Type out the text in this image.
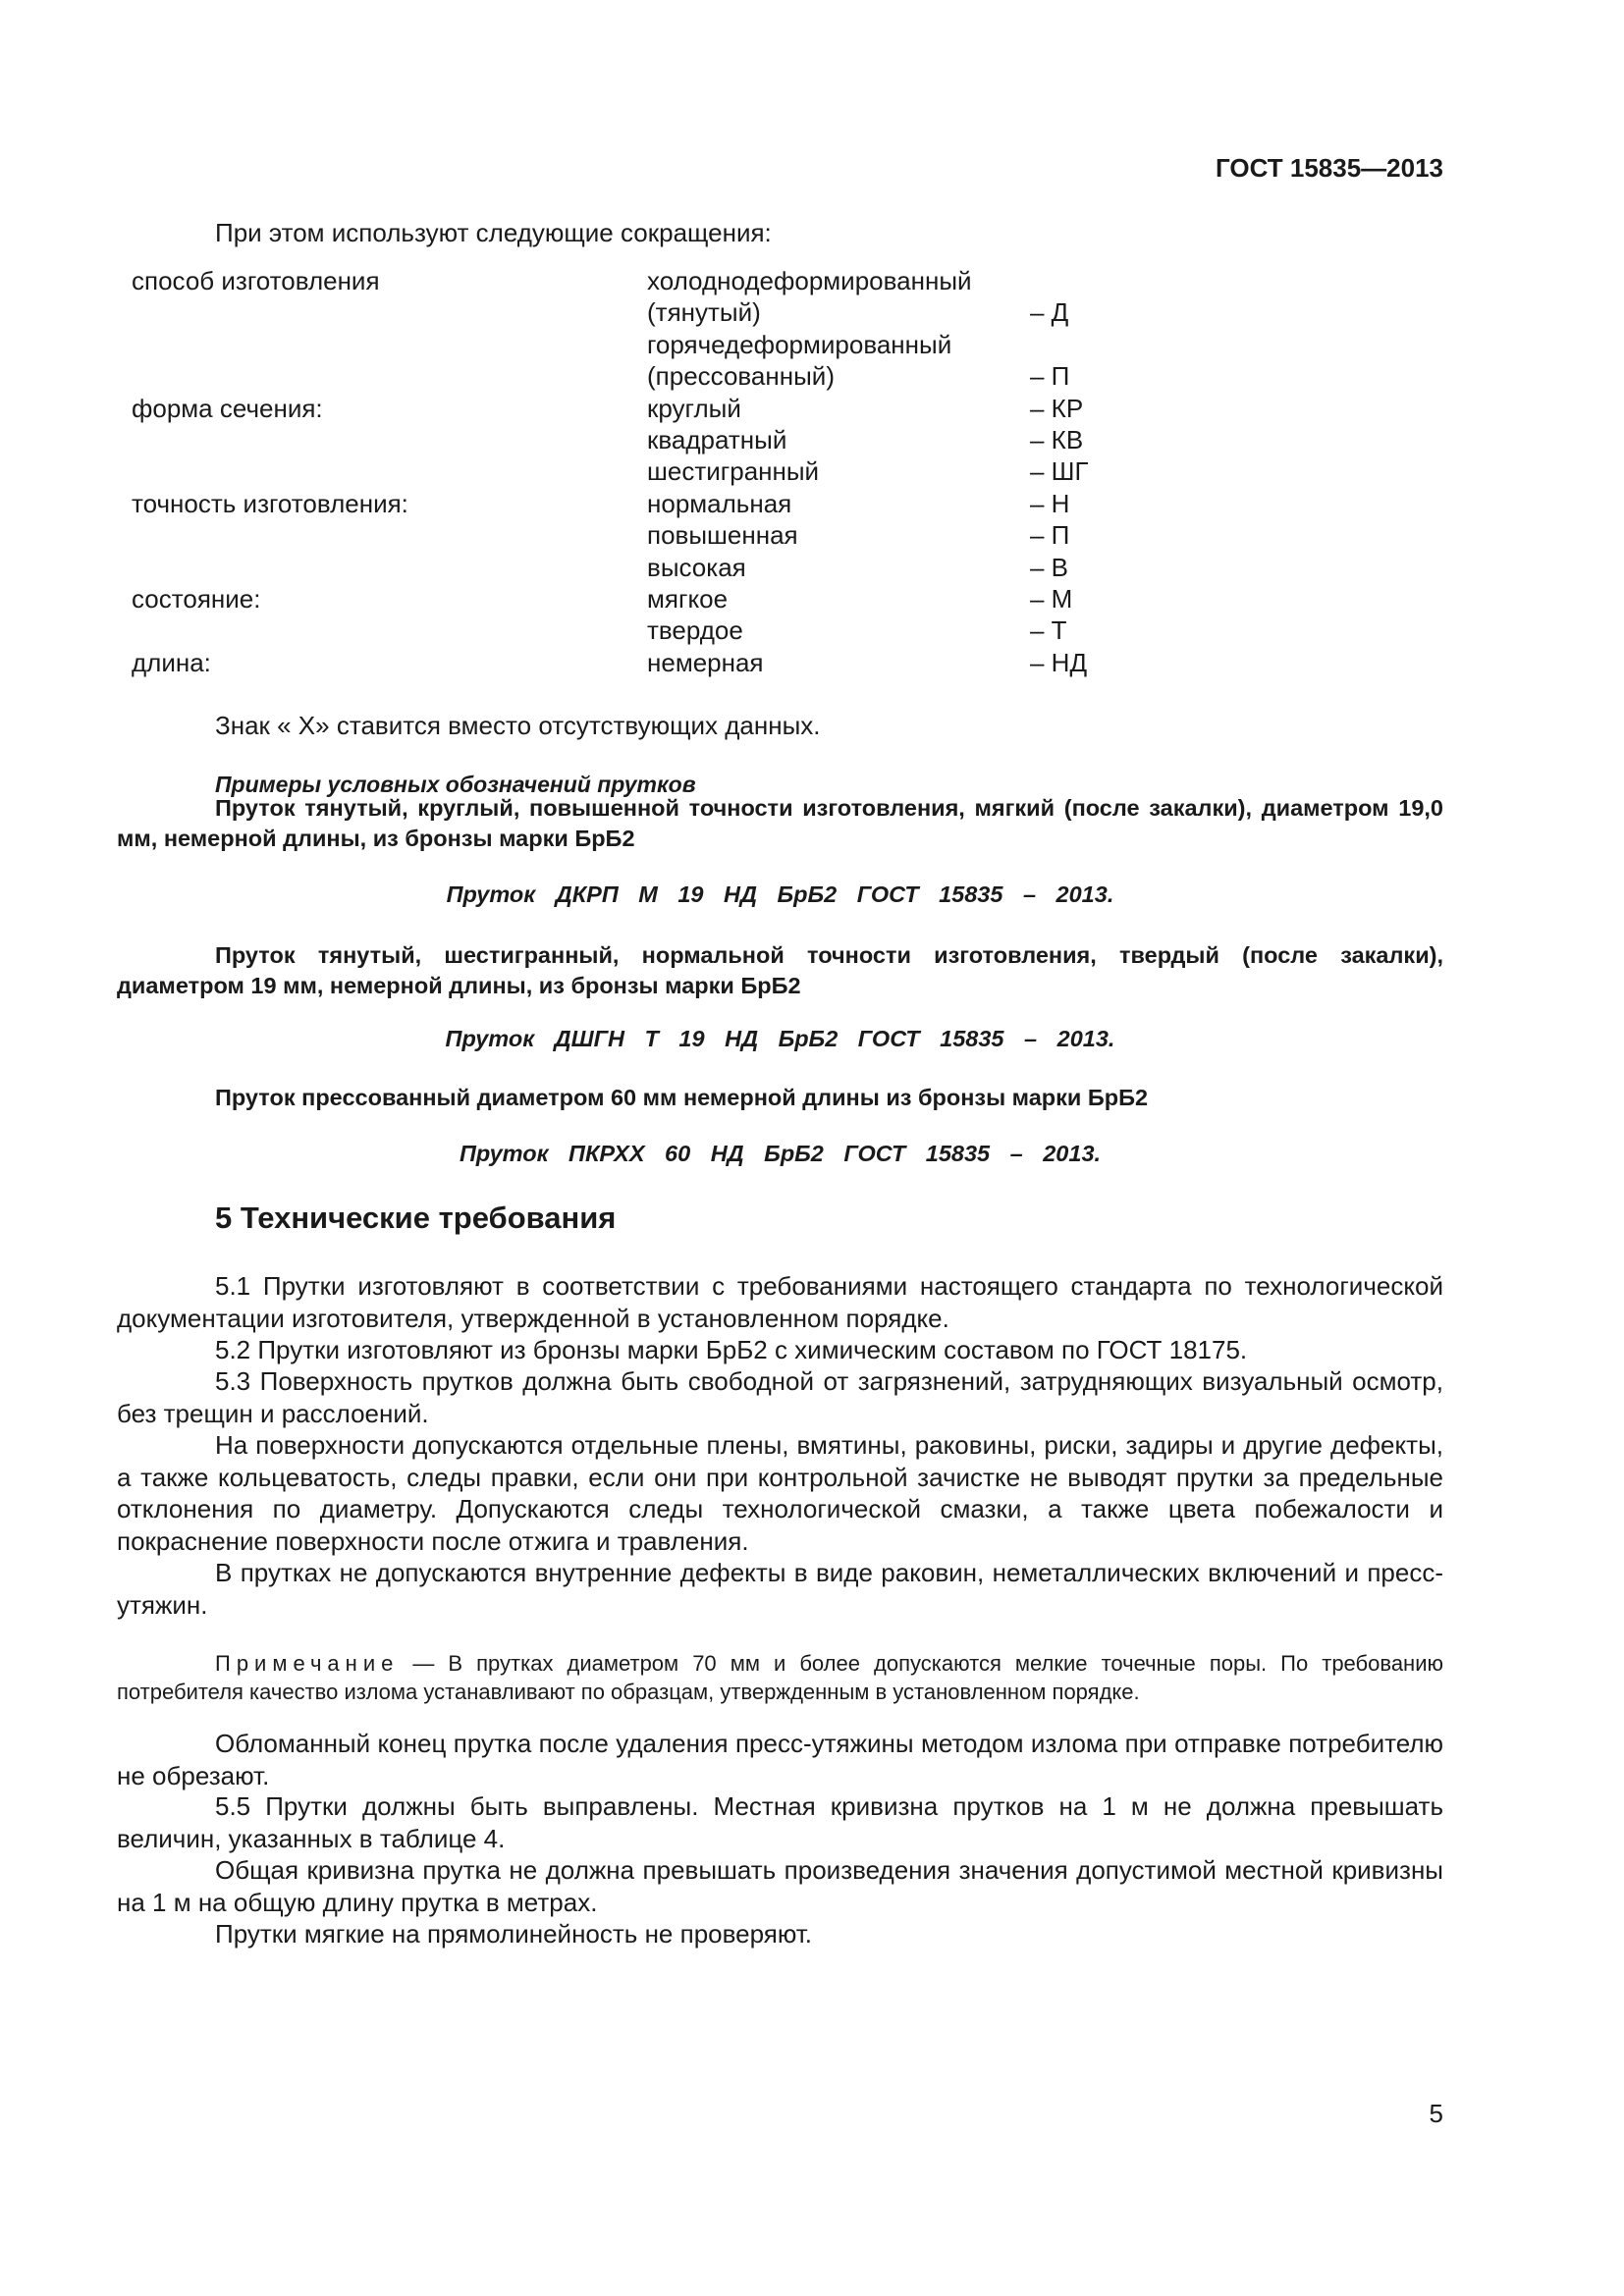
ГОСТ 15835—2013
При этом используют следующие сокращения:
способ изготовления	холоднодеформированный
(тянутый)	– Д
горячедеформированный
(прессованный)	– П
форма сечения:	круглый	– КР
квадратный	– КВ
шестигранный	– ШГ
точность изготовления:	нормальная	– Н
повышенная	– П
высокая	– В
состояние:	мягкое	– М
твердое	– Т
длина:	немерная	– НД
Знак « Х» ставится вместо отсутствующих данных.
Примеры условных обозначений прутков
Пруток тянутый, круглый, повышенной точности изготовления, мягкий (после закалки), диаметром 19,0 мм, немерной длины, из бронзы марки БрБ2
Пруток ДКРП М 19 НД БрБ2 ГОСТ 15835 – 2013.
Пруток тянутый, шестигранный, нормальной точности изготовления, твердый (после закалки), диаметром 19 мм, немерной длины, из бронзы марки БрБ2
Пруток ДШГН Т 19 НД БрБ2 ГОСТ 15835 – 2013.
Пруток прессованный диаметром 60 мм немерной длины из бронзы марки БрБ2
Пруток ПКРХХ 60 НД БрБ2 ГОСТ 15835 – 2013.
5 Технические требования
5.1 Прутки изготовляют в соответствии с требованиями настоящего стандарта по технологической документации изготовителя, утвержденной в установленном порядке.
5.2 Прутки изготовляют из бронзы марки БрБ2 с химическим составом по ГОСТ 18175.
5.3 Поверхность прутков должна быть свободной от загрязнений, затрудняющих визуальный осмотр, без трещин и расслоений.
На поверхности допускаются отдельные плены, вмятины, раковины, риски, задиры и другие дефекты, а также кольцеватость, следы правки, если они при контрольной зачистке не выводят прутки за предельные отклонения по диаметру. Допускаются следы технологической смазки, а также цвета побежалости и покраснение поверхности после отжига и травления.
В прутках не допускаются внутренние дефекты в виде раковин, неметаллических включений и пресс-утяжин.
Примечание — В прутках диаметром 70 мм и более допускаются мелкие точечные поры. По требованию потребителя качество излома устанавливают по образцам, утвержденным в установленном порядке.
Обломанный конец прутка после удаления пресс-утяжины методом излома при отправке потребителю не обрезают.
5.5 Прутки должны быть выправлены. Местная кривизна прутков на 1 м не должна превышать величин, указанных в таблице 4.
Общая кривизна прутка не должна превышать произведения значения допустимой местной кривизны на 1 м на общую длину прутка в метрах.
Прутки мягкие на прямолинейность не проверяют.
5
